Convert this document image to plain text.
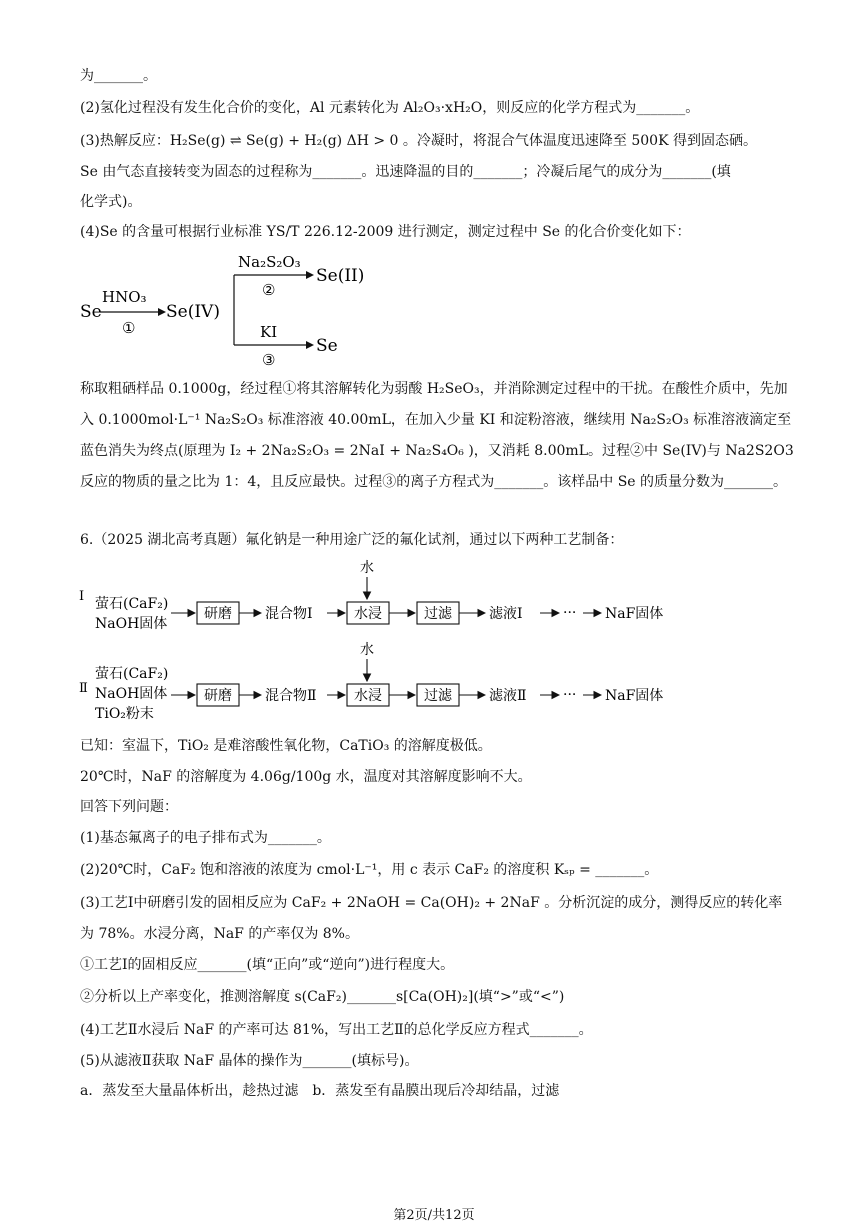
为_______。
(2)氢化过程没有发生化合价的变化，Al 元素转化为 Al₂O₃·xH₂O，则反应的化学方程式为_______。
(3)热解反应：H₂Se(g) ⇌ Se(g) + H₂(g) ΔH > 0 。冷凝时，将混合气体温度迅速降至 500K 得到固态硒。
Se 由气态直接转变为固态的过程称为_______。迅速降温的目的_______；冷凝后尾气的成分为_______(填
化学式)。
(4)Se 的含量可根据行业标准 YS/T 226.12-2009 进行测定，测定过程中 Se 的化合价变化如下：
Se
HNO₃
①
Se(IV)
Na₂S₂O₃
②
Se(II)
KI
③
Se
称取粗硒样品 0.1000g，经过程①将其溶解转化为弱酸 H₂SeO₃，并消除测定过程中的干扰。在酸性介质中，先加入 0.1000mol·L⁻¹ Na₂S₂O₃ 标准溶液 40.00mL，在加入少量 KI 和淀粉溶液，继续用 Na₂S₂O₃ 标准溶液滴定至蓝色消失为终点(原理为 I₂ + 2Na₂S₂O₃ = 2NaI + Na₂S₄O₆ )，又消耗 8.00mL。过程②中 Se(IV)与 Na2S2O3 反应的物质的量之比为 1：4，且反应最快。过程③的离子方程式为_______。该样品中 Se 的质量分数为_______。
6.（2025 湖北高考真题）氟化钠是一种用途广泛的氟化试剂，通过以下两种工艺制备：
Ⅰ 萤石(CaF₂)
NaOH固体
研磨 混合物Ⅰ
水
水浸	过滤	滤液Ⅰ	··· NaF固体
Ⅱ
萤石(CaF₂)
NaOH固体
TiO₂粉末
研磨 混合物Ⅱ
水
水浸	过滤	滤液Ⅱ	··· NaF固体
已知：室温下，TiO₂ 是难溶酸性氧化物，CaTiO₃ 的溶解度极低。
20℃时，NaF 的溶解度为 4.06g/100g 水，温度对其溶解度影响不大。
回答下列问题：
(1)基态氟离子的电子排布式为_______。
(2)20℃时，CaF₂ 饱和溶液的浓度为 cmol·L⁻¹，用 c 表示 CaF₂ 的溶度积 Kₛₚ = _______。
(3)工艺Ⅰ中研磨引发的固相反应为 CaF₂ + 2NaOH = Ca(OH)₂ + 2NaF 。分析沉淀的成分，测得反应的转化率
为 78%。水浸分离，NaF 的产率仅为 8%。
①工艺Ⅰ的固相反应_______(填“正向”或“逆向”)进行程度大。
②分析以上产率变化，推测溶解度 s(CaF₂)_______s[Ca(OH)₂](填“>”或“<”)
(4)工艺Ⅱ水浸后 NaF 的产率可达 81%，写出工艺Ⅱ的总化学反应方程式_______。
(5)从滤液Ⅱ获取 NaF 晶体的操作为_______(填标号)。
a．蒸发至大量晶体析出，趁热过滤　b．蒸发至有晶膜出现后冷却结晶，过滤
第2页/共12页
